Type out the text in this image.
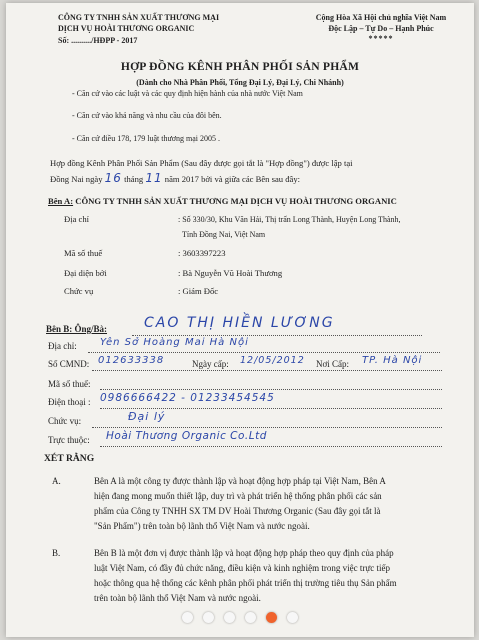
CÔNG TY TNHH SẢN XUẤT THƯƠNG MẠI
DỊCH VỤ HOÀI THƯƠNG ORGANIC
Số: ........../HĐPP - 2017
Cộng Hòa Xã Hội chủ nghĩa Việt Nam
Độc Lập – Tự Do – Hạnh Phúc
*****
HỢP ĐỒNG KÊNH PHÂN PHỐI SẢN PHẨM
(Dành cho Nhà Phân Phối, Tổng Đại Lý, Đại Lý, Chi Nhánh)
- Căn cứ vào các luật và các quy định hiện hành của nhà nước Việt Nam
- Căn cứ vào khả năng và nhu cầu của đôi bên.
- Căn cứ điều 178, 179 luật thương mại 2005 .
Hợp đồng Kênh Phân Phối Sản Phẩm (Sau đây được gọi tắt là "Hợp đồng") được lập tại
Đồng Nai ngày 16 tháng 11 năm 2017 bởi và giữa các Bên sau đây:
Bên A: CÔNG TY TNHH SẢN XUẤT THƯƠNG MẠI DỊCH VỤ HOÀI THƯƠNG ORGANIC
Địa chỉ	: Số 330/30, Khu Văn Hải, Thị trấn Long Thành, Huyện Long Thành,
Tỉnh Đồng Nai, Việt Nam
Mã số thuế	: 3603397223
Đại diện bởi	: Bà Nguyễn Vũ Hoài Thương
Chức vụ	: Giám Đốc
Bên B: Ông/Bà:	CAO THỊ HIỀN LƯƠNG
Địa chỉ: Yên Sở Hoàng Mai Hà Nội
Số CMND: 012633338	Ngày cấp: 12/05/2012 Nơi Cấp: TP. Hà Nội
Mã số thuế:
Điện thoại : 0986666422 - 01233454545
Chức vụ:	Đại lý
Trực thuộc: Hoài Thương Organic Co.Ltd
XÉT RẰNG
A.	Bên A là một công ty được thành lập và hoạt động hợp pháp tại Việt Nam, Bên A
hiện đang mong muốn thiết lập, duy trì và phát triển hệ thống phân phối các sản
phẩm của Công ty TNHH SX TM DV Hoài Thương Organic (Sau đây gọi tắt là
"Sản Phẩm") trên toàn bộ lãnh thổ Việt Nam và nước ngoài.
B.	Bên B là một đơn vị được thành lập và hoạt động hợp pháp theo quy định của pháp
luật Việt Nam, có đầy đủ chức năng, điều kiện và kinh nghiệm trong việc trực tiếp
hoặc thông qua hệ thống các kênh phân phối phát triển thị trường tiêu thụ Sản phẩm
trên toàn bộ lãnh thổ Việt Nam và nước ngoài.
